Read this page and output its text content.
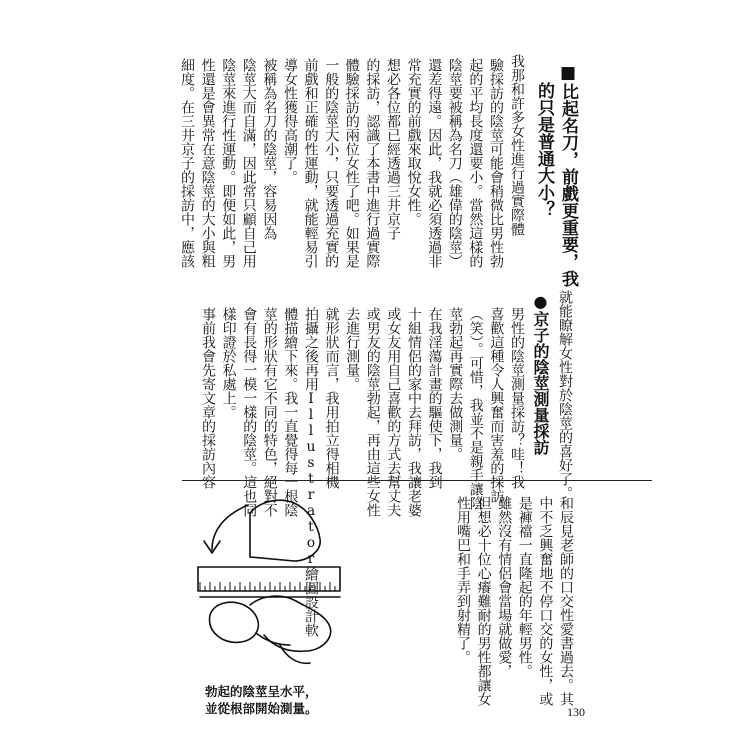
■比起名刀，前戲更重要，我
的只是普通大小？
我那和許多女性進行過實際體
驗採訪的陰莖可能會稍微比男性勃
起的平均長度還要小。當然這樣的
陰莖要被稱為名刀（雄偉的陰莖）
還差得遠。因此，我就必須透過非
常充實的前戲來取悅女性。
想必各位都已經透過三井京子
的採訪，認識了本書中進行過實際
體驗採訪的兩位女性了吧。如果是
一般的陰莖大小，只要透過充實的
前戲和正確的性運動，就能輕易引
導女性獲得高潮了。
被稱為名刀的陰莖，容易因為
陰莖大而自滿，因此常只顧自己用
陰莖來進行性運動。即便如此，男
性還是會異常在意陰莖的大小與粗
細度。在三井京子的採訪中，應該
就能瞭解女性對於陰莖的喜好了。
●京子的陰莖測量採訪
男性的陰莖測量採訪？哇！我
喜歡這種令人興奮而害羞的採訪
（笑）。可惜，我並不是親手讓陰
莖勃起再實際去做測量。
在我淫蕩計畫的驅使下，我到
十組情侶的家中去拜訪，我讓老婆
或女友用自己喜歡的方式去幫丈夫
或男友的陰莖勃起，再由這些女性
去進行測量。
就形狀而言，我用拍立得相機
拍攝之後再用Illustrator繪圖設計軟
體描繪下來。我一直覺得每一根陰
莖的形狀有它不同的特色，絕對不
會有長得一模一樣的陰莖。這也同
樣印證於私處上。
事前我會先寄文章的採訪內容
和辰見老師的口交性愛書過去。其
中不乏興奮地不停口交的女性，或
是褲襠一直隆起的年輕男性。
雖然沒有情侶會當場就做愛，
但想必十位心癢難耐的男性都讓女
性用嘴巴和手弄到射精了。
勃起的陰莖呈水平，
並從根部開始測量。	130
